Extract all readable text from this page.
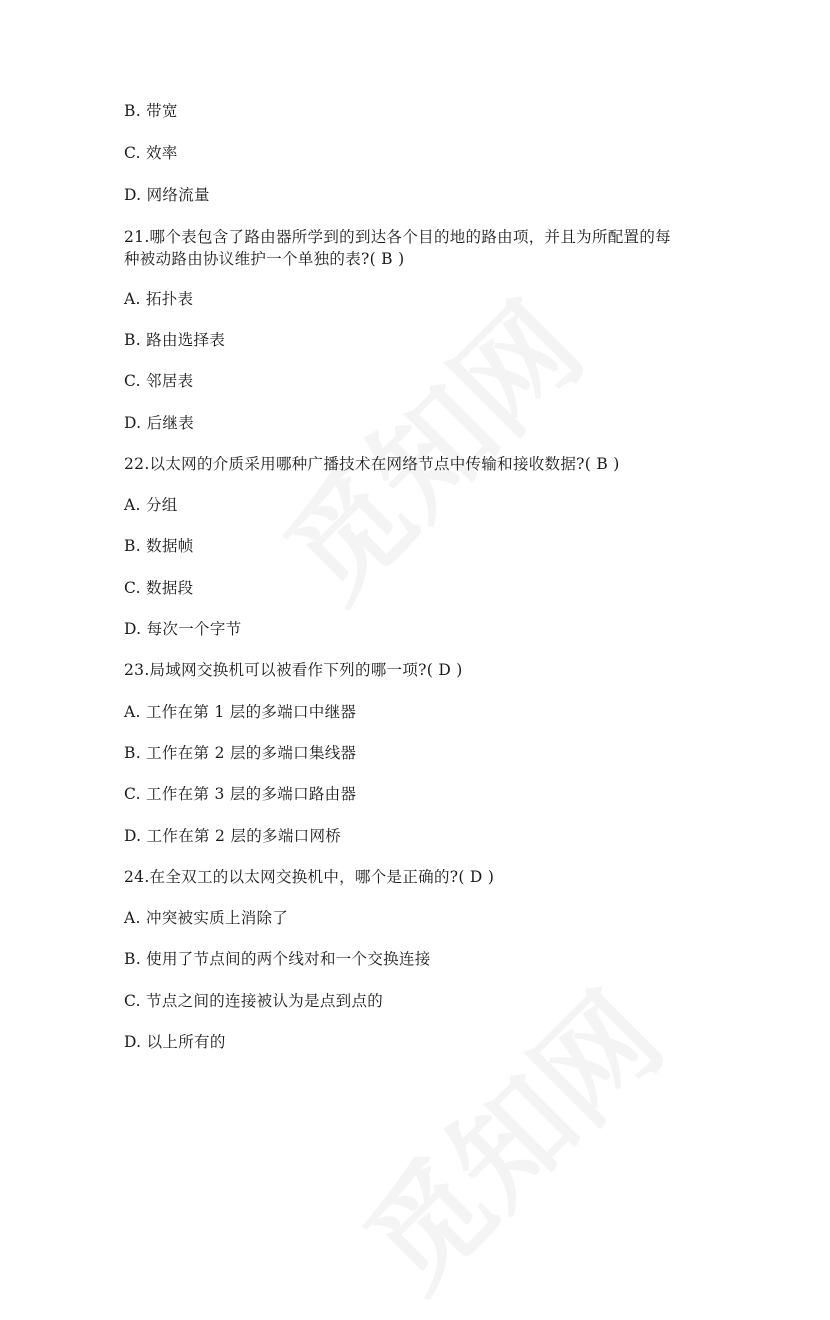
B. 带宽
C. 效率
D. 网络流量
21.哪个表包含了路由器所学到的到达各个目的地的路由项，并且为所配置的每
种被动路由协议维护一个单独的表?( B )
A. 拓扑表
B. 路由选择表
C. 邻居表
D. 后继表
22.以太网的介质采用哪种广播技术在网络节点中传输和接收数据?( B )
A. 分组
B. 数据帧
C. 数据段
D. 每次一个字节
23.局域网交换机可以被看作下列的哪一项?( D )
A. 工作在第 1 层的多端口中继器
B. 工作在第 2 层的多端口集线器
C. 工作在第 3 层的多端口路由器
D. 工作在第 2 层的多端口网桥
24.在全双工的以太网交换机中，哪个是正确的?( D )
A. 冲突被实质上消除了
B. 使用了节点间的两个线对和一个交换连接
C. 节点之间的连接被认为是点到点的
D. 以上所有的
